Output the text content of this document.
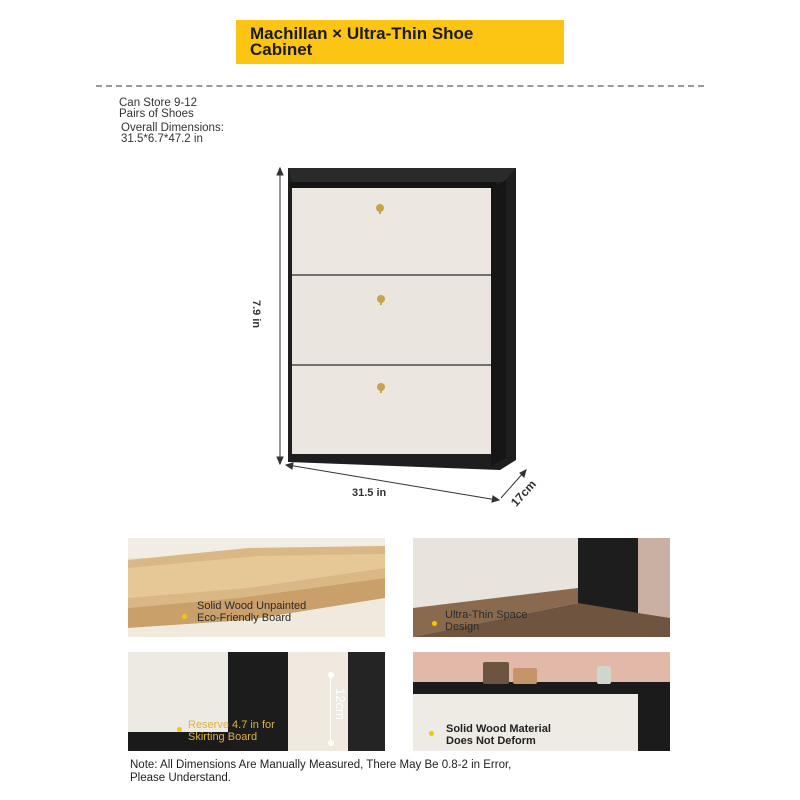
Machillan × Ultra-Thin Shoe
Cabinet
Can Store 9-12
Pairs of Shoes
Overall Dimensions:
31.5*6.7*47.2 in
7.9 in
31.5 in	17cm
Solid Wood Unpainted
Eco-Friendly Board	Ultra-Thin Space
Design
12cm
Reserve 4.7 in for
Skirting Board
Solid Wood Material
Does Not Deform
Note: All Dimensions Are Manually Measured, There May Be 0.8-2 in Error,
Please Understand.
